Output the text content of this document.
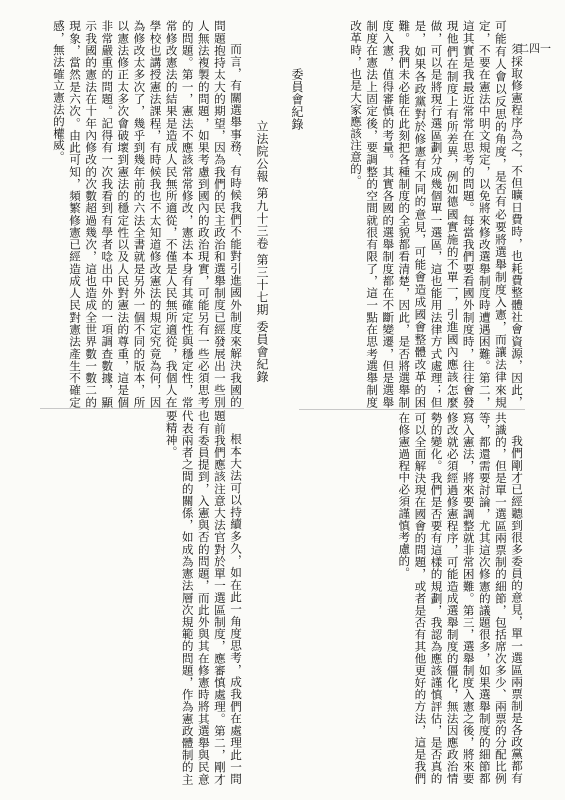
立法院公報 第九十三卷 第三十七期 委員會紀錄
委員會紀錄
二四一

而言，有關選舉事務、有時候我們不能對引進國外制度來解決我國的問題抱持太大的期望，因為我們的民主政治和選舉制度已經發展出一些別人無法複製的問題，如果考慮到國內的政治現實，可能另有一些必須思考的問題。第一，憲法不應該常常修改，憲法本身有其確定性與穩定性，常常修改憲法的結果是造成人民無所適從，不僅是人民無所適從，我個人在學校也講授憲法課程，有時候我也不太知道修改憲法的規定究竟為何，因為修改太多次了，幾乎到幾年前的六法全書就是另外一個不同的版本，所以憲法修正太多次會破壞到憲法的穩定性以及人民對憲法的尊重，這是個非常嚴重的問題。記得有一次我看到有學者唸出中外的一項調查數據，顯示我國的憲法在十年內修改的次數超過幾次，這也造成全世界數一數二的現象，當然是六次。由此可知，頻繁修憲已經造成人民對憲法產生不確定感，無法確立憲法的權威。

根本大法可以持續多久，如在此一角度思考，成我們在處理此一問題前我們應該注意大法官對於單一選區制度，應審慎處理。第二，剛才也有委員提到，入憲與否的問題，而此外與其在修憲時將其選舉與民意代表兩者之間的關係，如成為憲法層次規範的問題，作為憲政體制的主要精神。

須採取修憲程序為之，不但曠日費時，也耗費整體社會資源，因此，可能有人會以反思的角度，是否有必要將選舉制度入憲，而讓法律來規定，不要在憲法中明文規定，以免將來修改選舉制度時遭遇困難。第二，這其實是我最近常常在思考的問題。每當我們要看國外制度時，往往會發現他們在制度上有所差異，例如德國實施的不單一，引進國內應該怎麼做，可以是將現行選區劃分成幾個單一選區，這也能用法律方式處理；但是，如果各政黨對於修憲有不同的意見，可能會造成國會整體改革的困難。我們未必能在此刻把各種制度的全貌都看清楚，因此，是否將選舉制度入憲，值得審慎的考量。其實各國的選舉制度都在不斷變遷，但是選舉制度在憲法上固定後，要調整的空間就很有限了，這一點在思考選舉制度改革時，也是大家應該注意的。

我們剛才已經聽到很多委員的意見，單一選區兩票制是各政黨都有共識的，但是單一選區兩票制的細節，包括席次多少、兩票的分配比例等，都還需要討論，尤其這次修憲的議題很多，如果選舉制度的細節都寫入憲法，將來要調整就非常困難。第三，選舉制度入憲之後，將來要修改就必須經過修憲程序，可能造成選舉制度的僵化，無法因應政治情勢的變化。我們是否要有這樣的規劃，我認為應該謹慎評估，是否真的可以全面解決現在國會的問題，或者是否有其他更好的方法，這是我們在修憲過程中必須謹慎考慮的。
